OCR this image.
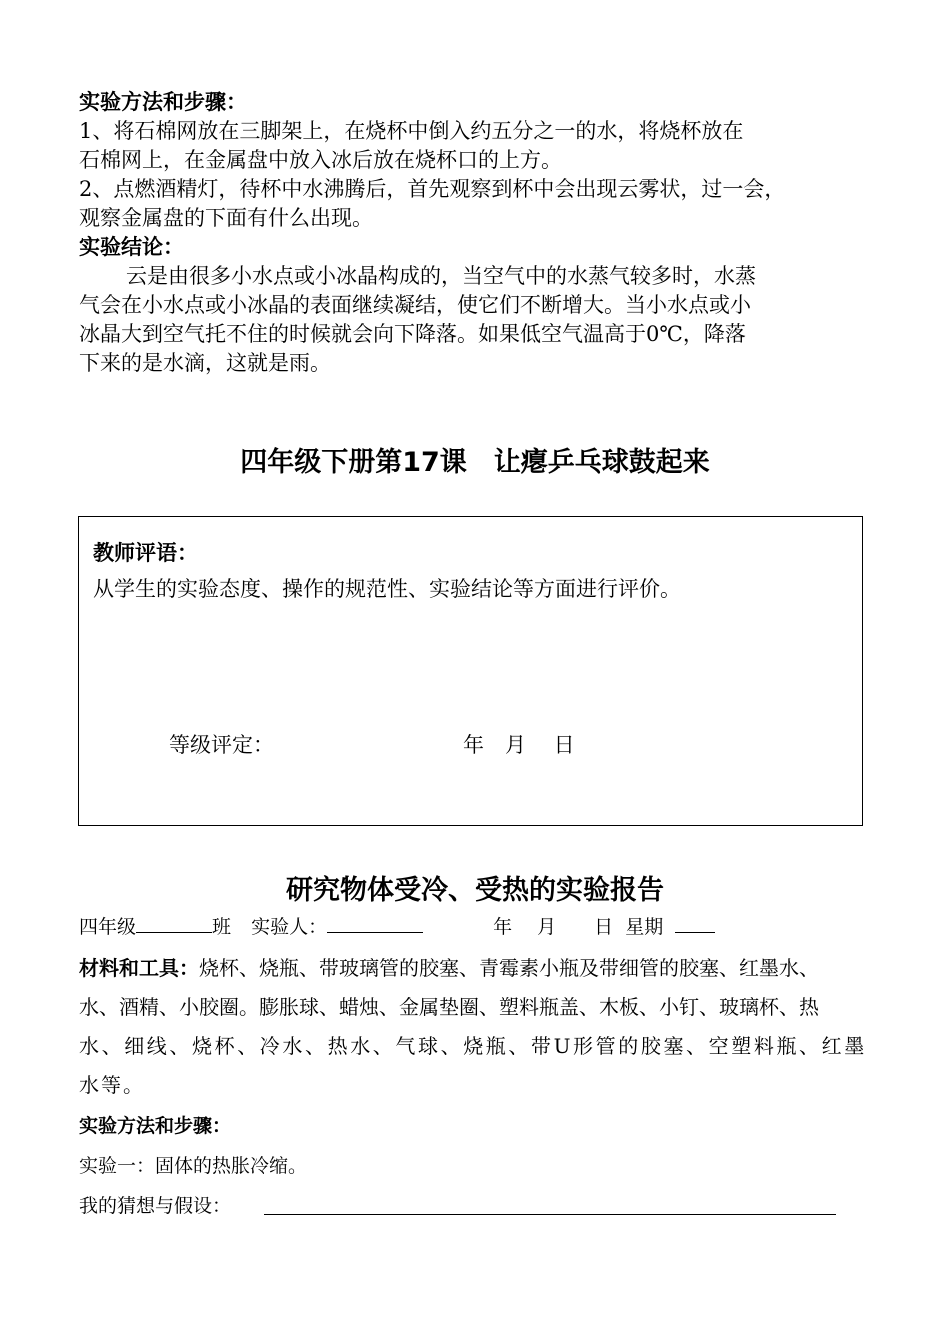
实验方法和步骤：
1、将石棉网放在三脚架上，在烧杯中倒入约五分之一的水，将烧杯放在
石棉网上，在金属盘中放入冰后放在烧杯口的上方。
2、点燃酒精灯，待杯中水沸腾后，首先观察到杯中会出现云雾状，过一会，
观察金属盘的下面有什么出现。
实验结论：
云是由很多小水点或小冰晶构成的，当空气中的水蒸气较多时，水蒸
气会在小水点或小冰晶的表面继续凝结，使它们不断增大。当小水点或小
冰晶大到空气托不住的时候就会向下降落。如果低空气温高于0℃，降落
下来的是水滴，这就是雨。
四年级下册第17课　让瘪乒乓球鼓起来
教师评语：
从学生的实验态度、操作的规范性、实验结论等方面进行评价。
等级评定：	年　月　 日
研究物体受冷、受热的实验报告
四年级	班 实验人：	年　 月　　日 星期
材料和工具：烧杯、烧瓶、带玻璃管的胶塞、青霉素小瓶及带细管的胶塞、红墨水、
水、酒精、小胶圈。膨胀球、蜡烛、金属垫圈、塑料瓶盖、木板、小钉、玻璃杯、热
水、细线、烧杯、冷水、热水、气球、烧瓶、带U形管的胶塞、空塑料瓶、红墨
水等。
实验方法和步骤：
实验一：固体的热胀冷缩。
我的猜想与假设：
